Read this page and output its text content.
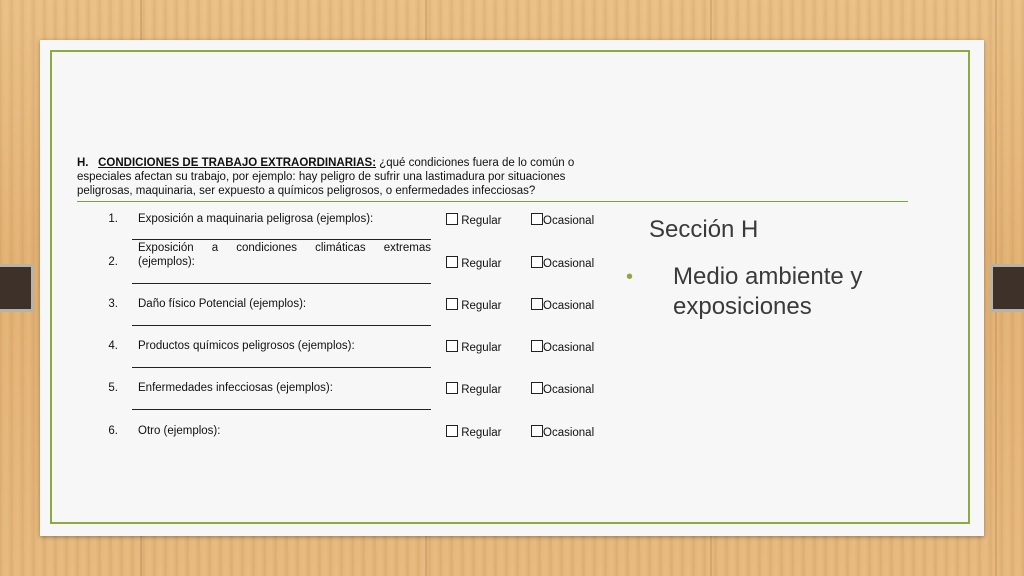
H. CONDICIONES DE TRABAJO EXTRAORDINARIAS: ¿qué condiciones fuera de lo común o
especiales afectan su trabajo, por ejemplo: hay peligro de sufrir una lastimadura por situaciones
peligrosas, maquinaria, ser expuesto a químicos peligrosos, o enfermedades infecciosas?
1. Exposición a maquinaria peligrosa (ejemplos):	Regular	Ocasional
Exposición a condiciones climáticas extremas
2. (ejemplos):	Regular	Ocasional
3. Daño físico Potencial (ejemplos):	Regular	Ocasional
4. Productos químicos peligrosos (ejemplos):	Regular	Ocasional
5. Enfermedades infecciosas (ejemplos):	Regular	Ocasional
6. Otro (ejemplos):	Regular	Ocasional
Sección H
• Medio ambiente y exposiciones
